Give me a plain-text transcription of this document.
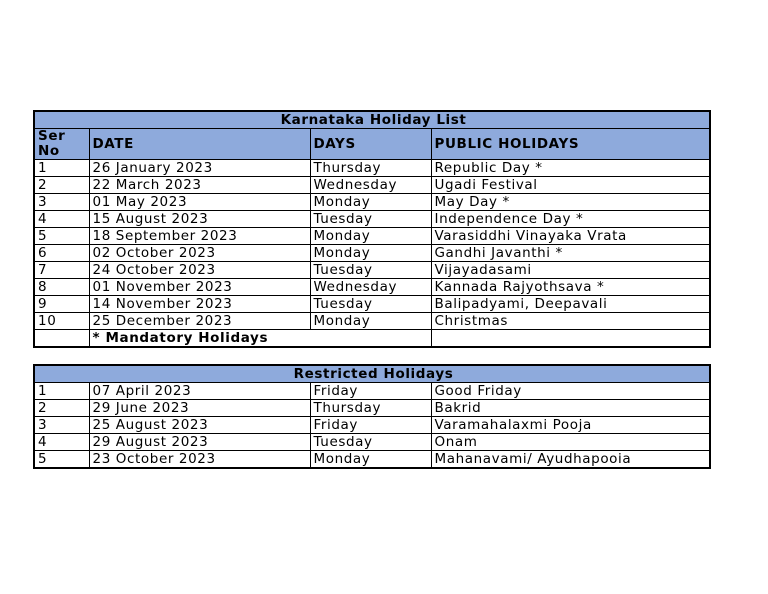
Karnataka Holiday List			
Ser
No	DATE	DAYS	PUBLIC HOLIDAYS
1	26 January 2023	Thursday	Republic Day *
2	22 March 2023	Wednesday	Ugadi Festival
3	01 May 2023	Monday	May Day *
4	15 August 2023	Tuesday	Independence Day *
5	18 September 2023	Monday	Varasiddhi Vinayaka Vrata
6	02 October 2023	Monday	Gandhi Javanthi *
7	24 October 2023	Tuesday	Vijayadasami
8	01 November 2023	Wednesday	Kannada Rajyothsava *
9	14 November 2023	Tuesday	Balipadyami, Deepavali
10	25 December 2023	Monday	Christmas
	* Mandatory Holidays		
Restricted Holidays			
1	07 April 2023	Friday	Good Friday
2	29 June 2023	Thursday	Bakrid
3	25 August 2023	Friday	Varamahalaxmi Pooja
4	29 August 2023	Tuesday	Onam
5	23 October 2023	Monday	Mahanavami/ Ayudhapooia
